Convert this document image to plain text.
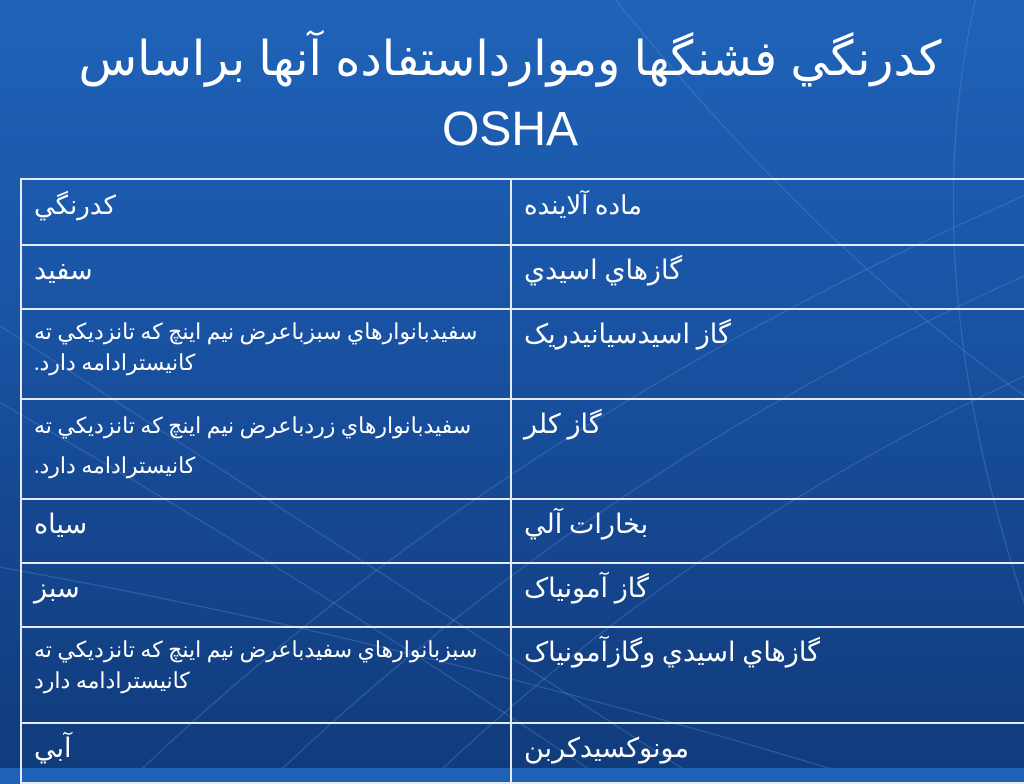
كدرنگي فشنگها وموارداستفاده آنها براساس
OSHA
كدرنگي	ماده آلاينده
سفيد	گازهاي اسيدي
سفيدبانوارهاي سبزباعرض نيم اينچ كه تانزديكي ته كانيسترادامه دارد.	گاز اسيدسيانيدريک
سفيدبانوارهاي زردباعرض نيم اينچ كه تانزديكي ته كانيسترادامه دارد.	گاز كلر
سياه	بخارات آلي
سبز	گاز آمونياک
سبزبانوارهاي سفيدباعرض نيم اينچ كه تانزديكي ته كانيسترادامه دارد	گازهاي اسيدي وگازآمونياک
آبي	مونوكسيدكربن
